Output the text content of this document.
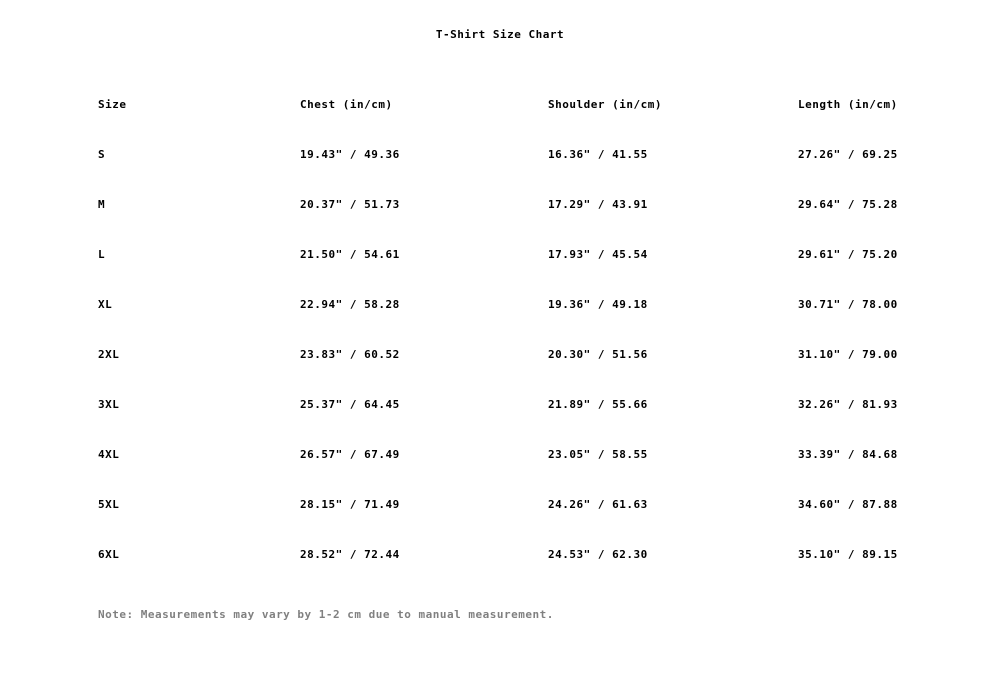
T-Shirt Size Chart
Size	Chest (in/cm)	Shoulder (in/cm)	Length (in/cm)
S	19.43" / 49.36	16.36" / 41.55	27.26" / 69.25
M	20.37" / 51.73	17.29" / 43.91	29.64" / 75.28
L	21.50" / 54.61	17.93" / 45.54	29.61" / 75.20
XL	22.94" / 58.28	19.36" / 49.18	30.71" / 78.00
2XL	23.83" / 60.52	20.30" / 51.56	31.10" / 79.00
3XL	25.37" / 64.45	21.89" / 55.66	32.26" / 81.93
4XL	26.57" / 67.49	23.05" / 58.55	33.39" / 84.68
5XL	28.15" / 71.49	24.26" / 61.63	34.60" / 87.88
6XL	28.52" / 72.44	24.53" / 62.30	35.10" / 89.15
Note: Measurements may vary by 1-2 cm due to manual measurement.
